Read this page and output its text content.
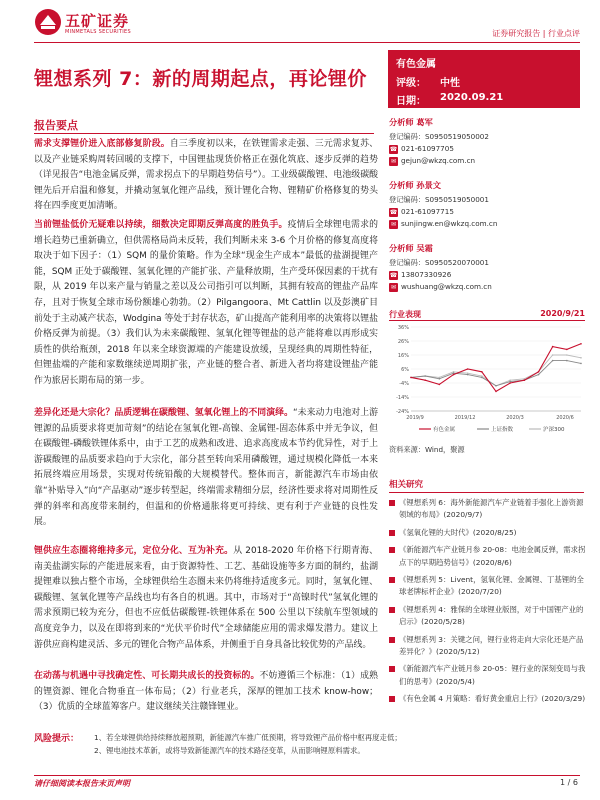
五矿证券
MINMETALS SECURITIES	证券研究报告 | 行业点评
锂想系列 7：新的周期起点，再论锂价
有色金属
评级： 中性
日期： 2020.09.21
报告要点
需求支撑锂价进入底部修复阶段。自三季度初以来，在铁锂需求走强、三元需求复苏、以及产业链采购周转回暖的支撑下，中国锂盐现货价格正在强化筑底、逐步反弹的趋势（详见报告“电池金属反弹，需求拐点下的早期趋势信号”）。工业级碳酸锂、电池级碳酸锂先后开启温和修复，并撬动氢氧化锂产品线，预计锂化合物、锂精矿价格修复的势头将在四季度更加清晰。
当前锂盐低价无疑难以持续，细数决定即期反弹高度的胜负手。疫情后全球锂电需求的增长趋势已重新确立，但供需格局尚未反转，我们判断未来 3-6 个月价格的修复高度将取决于如下因子：（1）SQM 的量价策略。作为全球“现金生产成本”最低的盐湖提锂产能，SQM 正处于碳酸锂、氢氧化锂的产能扩张、产量释放期，生产受环保因素的干扰有限，从 2019 年以来产量与销量之差以及公司指引可以判断，其拥有较高的锂盐产品库存，且对于恢复全球市场份额雄心勃勃。（2）Pilgangoora、Mt Cattlin 以及彭澳矿目前处于主动减产状态，Wodgina 等处于封存状态，矿山提高产能利用率的决策将以锂盐价格反弹为前提。（3）我们认为未来碳酸锂、氢氧化锂等锂盐的总产能将难以再形成实质性的供给瓶颈，2018 年以来全球资源端的产能建设放缓，呈现经典的周期性特征，但锂盐端的产能和家数继续逆周期扩张，产业链的整合者、新进入者均将建设锂盐产能作为旅居长期布局的第一步。
差异化还是大宗化？品质逻辑在碳酸锂、氢氧化锂上的不同演绎。“未来动力电池对上游锂源的品质要求将更加苛刻”的结论在氢氧化锂-高镍、金属锂-固态体系中并无争议，但在碳酸锂-磷酸铁锂体系中，由于工艺的成熟和改进、追求高度成本节约优异性，对于上游碳酸锂的品质要求趋向于大宗化，部分甚至转向采用磷酸锂，通过规模化降低一本来拓展终端应用场景，实现对传统铅酸的大规模替代。整体而言，新能源汽车市场由依靠“补贴导入”向“产品驱动”逐步转型起，终端需求精细分层，经济性要求将对周期性反弹的斜率和高度带来制约，但温和的价格通胀将更可持续、更有利于产业链的良性发展。
锂供应生态圈将维持多元，定位分化、互为补充。从 2018-2020 年价格下行期青海、南美盐湖实际的产能进展来看，由于资源特性、工艺、基础设施等多方面的制约，盐湖提锂难以独占整个市场，全球锂供给生态圈未来仍将维持适度多元。同时，氢氧化锂、碳酸锂、氢氧化锂等产品线也均有各自的机遇。其中，市场对于“高镍时代”氢氧化锂的需求预期已较为充分，但也不应低估碳酸锂-铁锂体系在 500 公里以下续航车型领域的高度竞争力，以及在即将到来的“光伏平价时代”全球储能应用的需求爆发潜力。建议上游供应商构建灵活、多元的锂化合物产品体系，并侧重于自身具备比较优势的产品线。
在动荡与机遇中寻找确定性、可长期共成长的投资标的。不妨遵循三个标准：（1）成熟的锂资源、锂化合物垂直一体布局；（2）行业老兵，深厚的锂加工技术 know-how；（3）优质的全球蓝筹客户。建议继续关注赣锋锂业。
分析师 葛军
登记编码：S0950519050002
☎ 021-61097705
✉ gejun@wkzq.com.cn
分析师 孙景文
登记编码：S0950519050001
☎ 021-61097715
✉ sunjingw.en@wkzq.com.cn
分析师 吴霜
登记编码：S0950520070001
☎ 13807330926
✉ wushuang@wkzq.com.cn
行业表现	2020/9/21
36%
26%
16%
6%
-4%
-14%
-24%
2019/9	2019/12	2020/3	2020/6
有色金属	上证指数	沪深300
资料来源：Wind，聚源
相关研究
《锂想系列 6：海外新能源汽车产业链着手强化上游资源领域的布局》(2020/9/7)
《氢氧化锂的大时代》(2020/8/25)
《新能源汽车产业链月参 20-08：电池金属反弹，需求拐点下的早期趋势信号》(2020/8/6)
《锂想系列 5：Livent，氢氧化锂、金属锂、丁基锂的全球老牌标杆企业》(2020/7/20)
《锂想系列 4：雅保的全球锂业版图，对于中国锂产业的启示》(2020/5/28)
《锂想系列 3：关键之问，锂行业将走向大宗化还是产品差异化？》(2020/5/12)
《新能源汽车产业链月参 20-05：锂行业的深刻变局与我们的思考》(2020/5/4)
《有色金属 4 月策略：看好黄金重启上行》(2020/3/29)
风险提示： 1、若全球锂供给持续释放超预期，新能源汽车推广低预期，将导致锂产品价格中枢再度走低；
2、锂电池技术革新，或将导致新能源汽车的技术路径变革，从而影响锂原料需求。
请仔细阅读本报告末页声明	1 / 6
